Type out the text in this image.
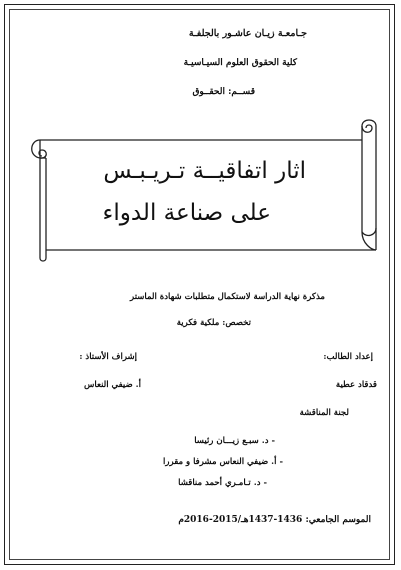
جـامعـة زيـان عاشـور بالجلفـة
كلية الحقوق العلوم السيـاسيـة
قســم: الحقــوق
اثار اتفاقيــة تـريـبـس
على صناعة الدواء
مذكرة نهاية الدراسة لاستكمال متطلبات شهادة الماستر
تخصص: ملكية فكرية
إعداد الطالب:
إشراف الأستاذ :
قدقاد عطية
أ. ضيفي النعاس
لجنة المناقشة
- د. سبـع زيـــان رئيسا
- أ. ضيفي النعاس مشرفا و مقررا
- د. تـامـري أحمد مناقشا
الموسم الجامعي: 1436-1437هـ/2015-2016م
